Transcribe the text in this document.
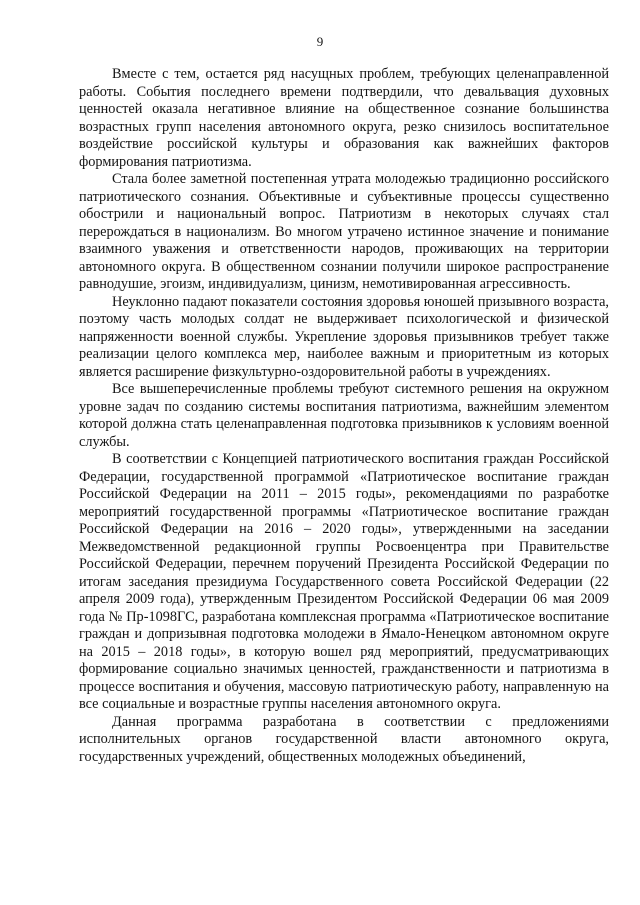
9

Вместе с тем, остается ряд насущных проблем, требующих целенаправленной работы. События последнего времени подтвердили, что девальвация духовных ценностей оказала негативное влияние на общественное сознание большинства возрастных групп населения автономного округа, резко снизилось воспитательное воздействие российской культуры и образования как важнейших факторов формирования патриотизма.

Стала более заметной постепенная утрата молодежью традиционно российского патриотического сознания. Объективные и субъективные процессы существенно обострили и национальный вопрос. Патриотизм в некоторых случаях стал перерождаться в национализм. Во многом утрачено истинное значение и понимание взаимного уважения и ответственности народов, проживающих на территории автономного округа. В общественном сознании получили широкое распространение равнодушие, эгоизм, индивидуализм, цинизм, немотивированная агрессивность.

Неуклонно падают показатели состояния здоровья юношей призывного возраста, поэтому часть молодых солдат не выдерживает психологической и физической напряженности военной службы. Укрепление здоровья призывников требует также реализации целого комплекса мер, наиболее важным и приоритетным из которых является расширение физкультурно-оздоровительной работы в учреждениях.

Все вышеперечисленные проблемы требуют системного решения на окружном уровне задач по созданию системы воспитания патриотизма, важнейшим элементом которой должна стать целенаправленная подготовка призывников к условиям военной службы.

В соответствии с Концепцией патриотического воспитания граждан Российской Федерации, государственной программой «Патриотическое воспитание граждан Российской Федерации на 2011 – 2015 годы», рекомендациями по разработке мероприятий государственной программы «Патриотическое воспитание граждан Российской Федерации на 2016 – 2020 годы», утвержденными на заседании Межведомственной редакционной группы Росвоенцентра при Правительстве Российской Федерации, перечнем поручений Президента Российской Федерации по итогам заседания президиума Государственного совета Российской Федерации (22 апреля 2009 года), утвержденным Президентом Российской Федерации 06 мая 2009 года № Пр-1098ГС, разработана комплексная программа «Патриотическое воспитание граждан и допризывная подготовка молодежи в Ямало-Ненецком автономном округе на 2015 – 2018 годы», в которую вошел ряд мероприятий, предусматривающих формирование социально значимых ценностей, гражданственности и патриотизма в процессе воспитания и обучения, массовую патриотическую работу, направленную на все социальные и возрастные группы населения автономного округа.

Данная программа разработана в соответствии с предложениями исполнительных органов государственной власти автономного округа, государственных учреждений, общественных молодежных объединений,
